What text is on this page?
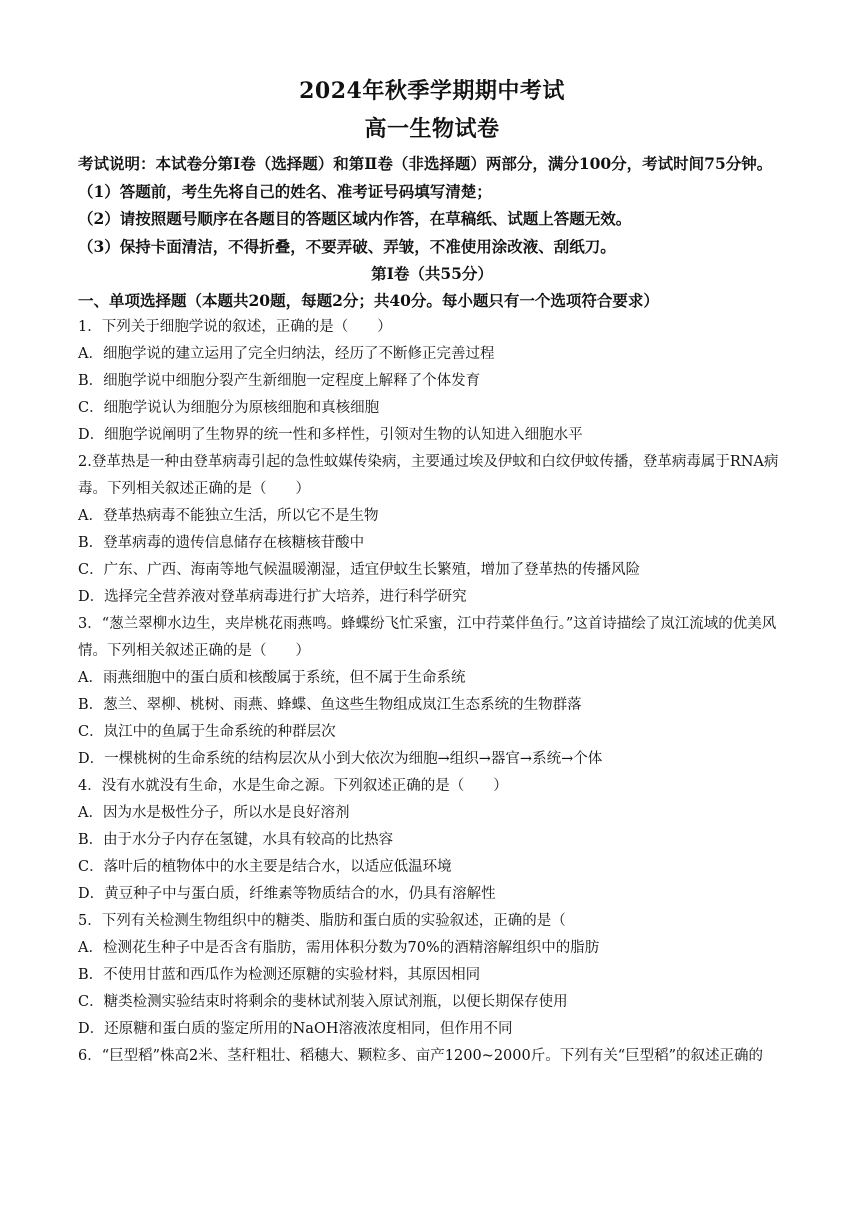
2024年秋季学期期中考试
高一生物试卷
考试说明：本试卷分第Ⅰ卷（选择题）和第Ⅱ卷（非选择题）两部分，满分100分，考试时间75分钟。
（1）答题前，考生先将自己的姓名、准考证号码填写清楚；
（2）请按照题号顺序在各题目的答题区域内作答，在草稿纸、试题上答题无效。
（3）保持卡面清洁，不得折叠，不要弄破、弄皱，不准使用涂改液、刮纸刀。
第Ⅰ卷（共55分）
一、单项选择题（本题共20题，每题2分；共40分。每小题只有一个选项符合要求）
1．下列关于细胞学说的叙述，正确的是（　　）
A．细胞学说的建立运用了完全归纳法，经历了不断修正完善过程
B．细胞学说中细胞分裂产生新细胞一定程度上解释了个体发育
C．细胞学说认为细胞分为原核细胞和真核细胞
D．细胞学说阐明了生物界的统一性和多样性，引领对生物的认知进入细胞水平
2.登革热是一种由登革病毒引起的急性蚊媒传染病，主要通过埃及伊蚊和白纹伊蚊传播，登革病毒属于RNA病毒。下列相关叙述正确的是（　　）
A．登革热病毒不能独立生活，所以它不是生物
B．登革病毒的遗传信息储存在核糖核苷酸中
C．广东、广西、海南等地气候温暖潮湿，适宜伊蚊生长繁殖，增加了登革热的传播风险
D．选择完全营养液对登革病毒进行扩大培养，进行科学研究
3．“葱兰翠柳水边生，夹岸桃花雨燕鸣。蜂蝶纷飞忙采蜜，江中荇菜伴鱼行。”这首诗描绘了岚江流域的优美风情。下列相关叙述正确的是（　　）
A．雨燕细胞中的蛋白质和核酸属于系统，但不属于生命系统
B．葱兰、翠柳、桃树、雨燕、蜂蝶、鱼这些生物组成岚江生态系统的生物群落
C．岚江中的鱼属于生命系统的种群层次
D．一棵桃树的生命系统的结构层次从小到大依次为细胞→组织→器官→系统→个体
4．没有水就没有生命，水是生命之源。下列叙述正确的是（　　）
A．因为水是极性分子，所以水是良好溶剂
B．由于水分子内存在氢键，水具有较高的比热容
C．落叶后的植物体中的水主要是结合水，以适应低温环境
D．黄豆种子中与蛋白质，纤维素等物质结合的水，仍具有溶解性
5．下列有关检测生物组织中的糖类、脂肪和蛋白质的实验叙述，正确的是（
A．检测花生种子中是否含有脂肪，需用体积分数为70%的酒精溶解组织中的脂肪
B．不使用甘蓝和西瓜作为检测还原糖的实验材料，其原因相同
C．糖类检测实验结束时将剩余的斐林试剂装入原试剂瓶，以便长期保存使用
D．还原糖和蛋白质的鉴定所用的NaOH溶液浓度相同，但作用不同
6．“巨型稻”株高2米、茎秆粗壮、稻穗大、颗粒多、亩产1200~2000斤。下列有关“巨型稻”的叙述正确的
